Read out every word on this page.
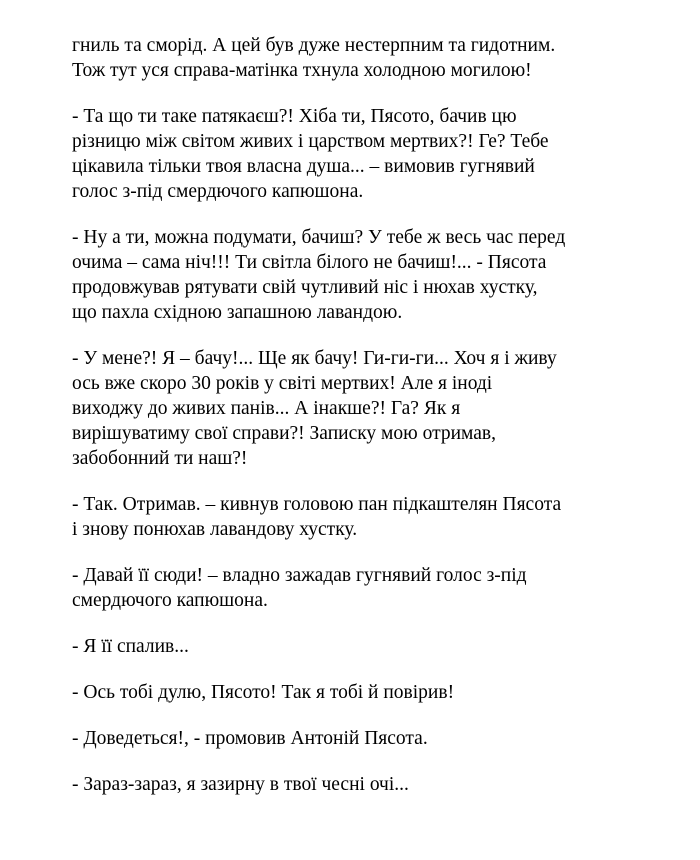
гниль та сморід. А цей був дуже нестерпним та гидотним.
Тож тут уся справа-матінка тхнула холодною могилою!
- Та що ти таке патякаєш?! Хіба ти, Пясото, бачив цю
різницю між світом живих і царством мертвих?! Ге? Тебе
цікавила тільки твоя власна душа... – вимовив гугнявий
голос з-під смердючого капюшона.
- Ну а ти, можна подумати, бачиш? У тебе ж весь час перед
очима – сама ніч!!! Ти світла білого не бачиш!... - Пясота
продовжував рятувати свій чутливий ніс і нюхав хустку,
що пахла східною запашною лавандою.
- У мене?! Я – бачу!... Ще як бачу! Ги-ги-ги... Хоч я і живу
ось вже скоро 30 років у світі мертвих! Але я іноді
виходжу до живих панів... А інакше?! Га? Як я
вирішуватиму свої справи?! Записку мою отримав,
забобонний ти наш?!
- Так. Отримав. – кивнув головою пан підкаштелян Пясота
і знову понюхав лавандову хустку.
- Давай її сюди! – владно зажадав гугнявий голос з-під
смердючого капюшона.
- Я її спалив...
- Ось тобі дулю, Пясото! Так я тобі й повірив!
- Доведеться!, - промовив Антоній Пясота.
- Зараз-зараз, я зазирну в твої чесні очі...
